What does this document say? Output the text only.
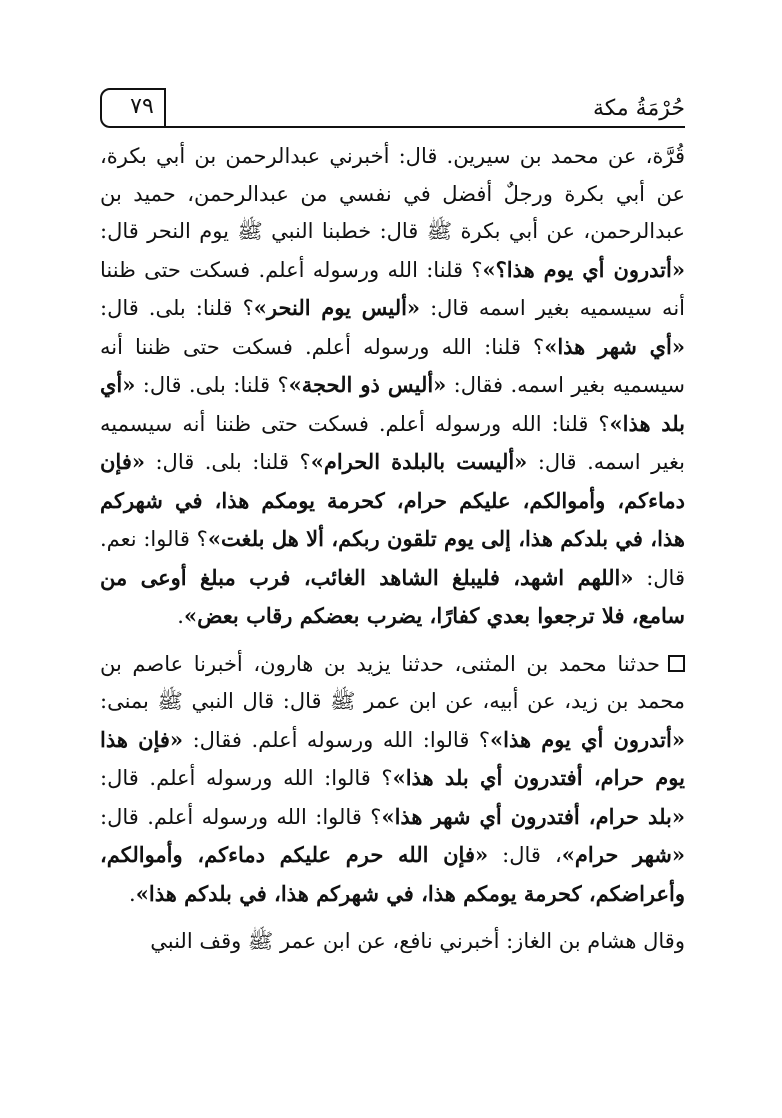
٧٩	حُرْمَةُ مكة

قُرَّة، عن محمد بن سيرين. قال: أخبرني عبدالرحمن بن أبي بكرة، عن أبي بكرة ورجلٌ أفضل في نفسي من عبدالرحمن، حميد بن عبدالرحمن، عن أبي بكرة ﷺ قال: خطبنا النبي ﷺ يوم النحر قال: «أتدرون أي يوم هذا؟»؟ قلنا: الله ورسوله أعلم. فسكت حتى ظننا أنه سيسميه بغير اسمه قال: «أليس يوم النحر»؟ قلنا: بلى. قال: «أي شهر هذا»؟ قلنا: الله ورسوله أعلم. فسكت حتى ظننا أنه سيسميه بغير اسمه. فقال: «أليس ذو الحجة»؟ قلنا: بلى. قال: «أي بلد هذا»؟ قلنا: الله ورسوله أعلم. فسكت حتى ظننا أنه سيسميه بغير اسمه. قال: «أليست بالبلدة الحرام»؟ قلنا: بلى. قال: «فإن دماءكم، وأموالكم، عليكم حرام، كحرمة يومكم هذا، في شهركم هذا، في بلدكم هذا، إلى يوم تلقون ربكم، ألا هل بلغت»؟ قالوا: نعم. قال: «اللهم اشهد، فليبلغ الشاهد الغائب، فرب مبلغ أوعى من سامع، فلا ترجعوا بعدي كفارًا، يضرب بعضكم رقاب بعض».

حدثنا محمد بن المثنى، حدثنا يزيد بن هارون، أخبرنا عاصم بن محمد بن زيد، عن أبيه، عن ابن عمر ﷺ قال: قال النبي ﷺ بمنى: «أتدرون أي يوم هذا»؟ قالوا: الله ورسوله أعلم. فقال: «فإن هذا يوم حرام، أفتدرون أي بلد هذا»؟ قالوا: الله ورسوله أعلم. قال: «بلد حرام، أفتدرون أي شهر هذا»؟ قالوا: الله ورسوله أعلم. قال: «شهر حرام»، قال: «فإن الله حرم عليكم دماءكم، وأموالكم، وأعراضكم، كحرمة يومكم هذا، في شهركم هذا، في بلدكم هذا».

وقال هشام بن الغاز: أخبرني نافع، عن ابن عمر ﷺ وقف النبي
